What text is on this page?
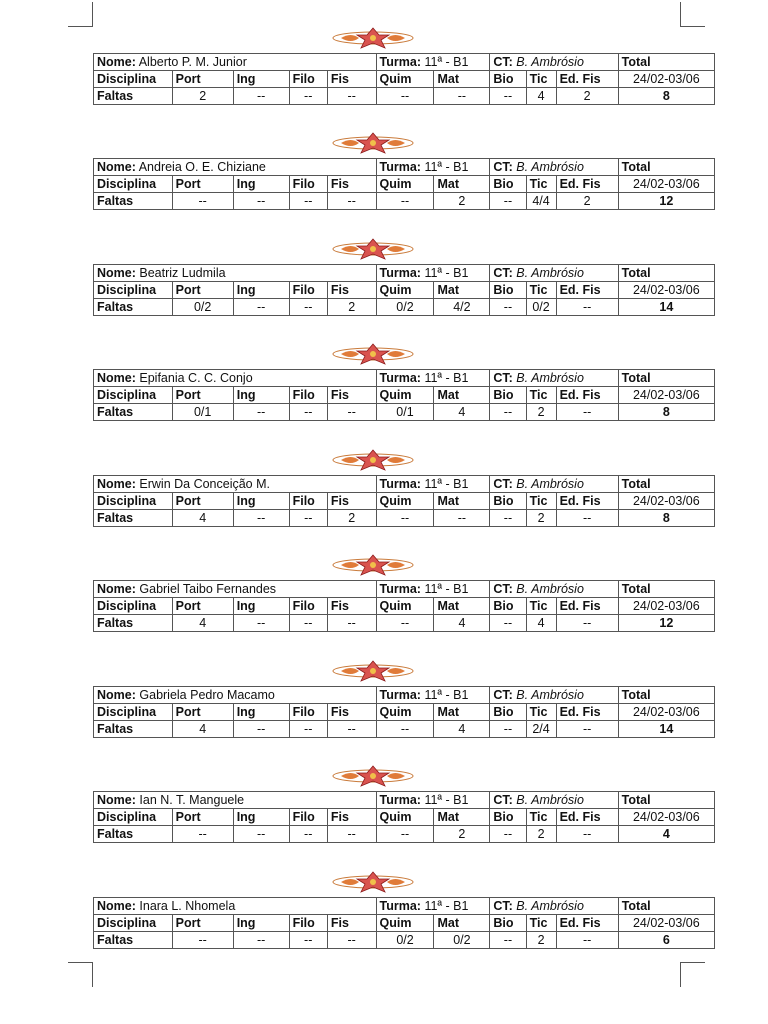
Nome: Alberto P. M. Junior					Turma: 11ª - B1		CT: B. Ambrósio			Total
Disciplina	Port	Ing	Filo	Fis	Quim	Mat	Bio	Tic	Ed. Fis	24/02-03/06
Faltas	2	--	--	--	--	--	--	4	2	8
Nome: Andreia O. E. Chiziane					Turma: 11ª - B1		CT: B. Ambrósio			Total
Disciplina	Port	Ing	Filo	Fis	Quim	Mat	Bio	Tic	Ed. Fis	24/02-03/06
Faltas	--	--	--	--	--	2	--	4/4	2	12
Nome: Beatriz Ludmila					Turma: 11ª - B1		CT: B. Ambrósio			Total
Disciplina	Port	Ing	Filo	Fis	Quim	Mat	Bio	Tic	Ed. Fis	24/02-03/06
Faltas	0/2	--	--	2	0/2	4/2	--	0/2	--	14
Nome: Epifania C. C. Conjo					Turma: 11ª - B1		CT: B. Ambrósio			Total
Disciplina	Port	Ing	Filo	Fis	Quim	Mat	Bio	Tic	Ed. Fis	24/02-03/06
Faltas	0/1	--	--	--	0/1	4	--	2	--	8
Nome: Erwin Da Conceição M.					Turma: 11ª - B1		CT: B. Ambrósio			Total
Disciplina	Port	Ing	Filo	Fis	Quim	Mat	Bio	Tic	Ed. Fis	24/02-03/06
Faltas	4	--	--	2	--	--	--	2	--	8
Nome: Gabriel Taibo Fernandes					Turma: 11ª - B1		CT: B. Ambrósio			Total
Disciplina	Port	Ing	Filo	Fis	Quim	Mat	Bio	Tic	Ed. Fis	24/02-03/06
Faltas	4	--	--	--	--	4	--	4	--	12
Nome: Gabriela Pedro Macamo					Turma: 11ª - B1		CT: B. Ambrósio			Total
Disciplina	Port	Ing	Filo	Fis	Quim	Mat	Bio	Tic	Ed. Fis	24/02-03/06
Faltas	4	--	--	--	--	4	--	2/4	--	14
Nome: Ian N. T. Manguele					Turma: 11ª - B1		CT: B. Ambrósio			Total
Disciplina	Port	Ing	Filo	Fis	Quim	Mat	Bio	Tic	Ed. Fis	24/02-03/06
Faltas	--	--	--	--	--	2	--	2	--	4
Nome: Inara L. Nhomela					Turma: 11ª - B1		CT: B. Ambrósio			Total
Disciplina	Port	Ing	Filo	Fis	Quim	Mat	Bio	Tic	Ed. Fis	24/02-03/06
Faltas	--	--	--	--	0/2	0/2	--	2	--	6
